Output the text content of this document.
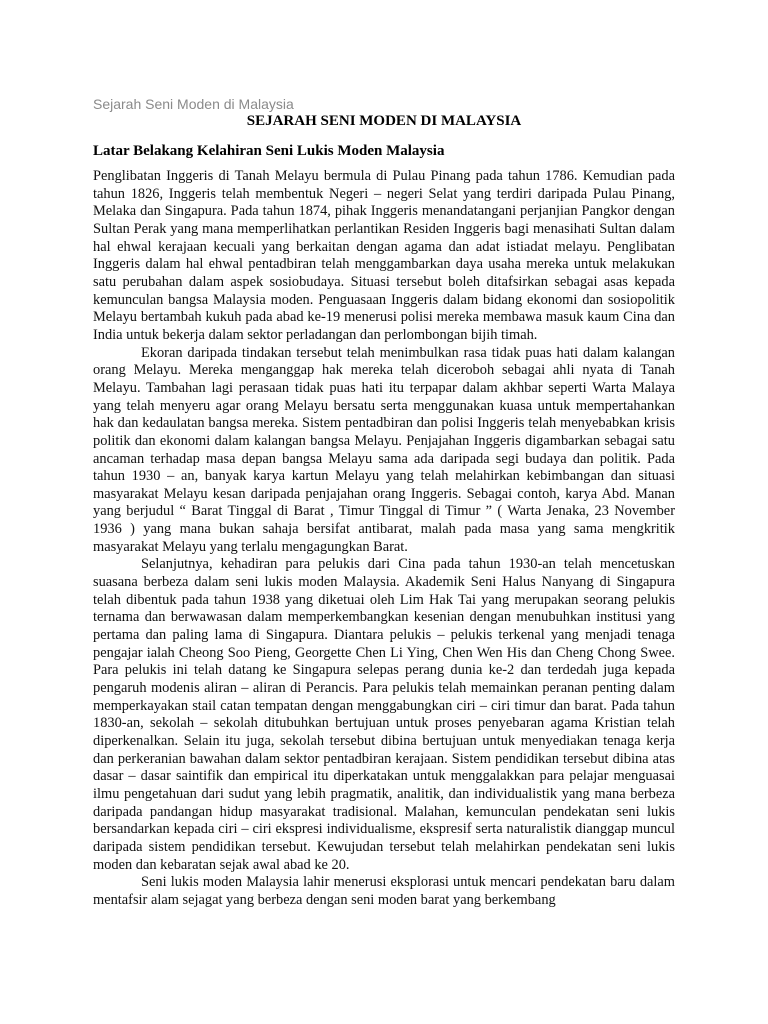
Sejarah Seni Moden di Malaysia
SEJARAH SENI MODEN DI MALAYSIA
Latar Belakang Kelahiran Seni Lukis Moden Malaysia

Penglibatan Inggeris di Tanah Melayu bermula di Pulau Pinang pada tahun 1786. Kemudian pada tahun 1826, Inggeris telah membentuk Negeri – negeri Selat yang terdiri daripada Pulau Pinang, Melaka dan Singapura. Pada tahun 1874, pihak Inggeris menandatangani perjanjian Pangkor dengan Sultan Perak yang mana memperlihatkan perlantikan Residen Inggeris bagi menasihati Sultan dalam hal ehwal kerajaan kecuali yang berkaitan dengan agama dan adat istiadat melayu. Penglibatan Inggeris dalam hal ehwal pentadbiran telah menggambarkan daya usaha mereka untuk melakukan satu perubahan dalam aspek sosiobudaya. Situasi tersebut boleh ditafsirkan sebagai asas kepada kemunculan bangsa Malaysia moden. Penguasaan Inggeris dalam bidang ekonomi dan sosiopolitik Melayu bertambah kukuh pada abad ke-19 menerusi polisi mereka membawa masuk kaum Cina dan India untuk bekerja dalam sektor perladangan dan perlombongan bijih timah.

Ekoran daripada tindakan tersebut telah menimbulkan rasa tidak puas hati dalam kalangan orang Melayu. Mereka menganggap hak mereka telah diceroboh sebagai ahli nyata di Tanah Melayu. Tambahan lagi perasaan tidak puas hati itu terpapar dalam akhbar seperti Warta Malaya yang telah menyeru agar orang Melayu bersatu serta menggunakan kuasa untuk mempertahankan hak dan kedaulatan bangsa mereka. Sistem pentadbiran dan polisi Inggeris telah menyebabkan krisis politik dan ekonomi dalam kalangan bangsa Melayu. Penjajahan Inggeris digambarkan sebagai satu ancaman terhadap masa depan bangsa Melayu sama ada daripada segi budaya dan politik. Pada tahun 1930 – an, banyak karya kartun Melayu yang telah melahirkan kebimbangan dan situasi masyarakat Melayu kesan daripada penjajahan orang Inggeris. Sebagai contoh, karya Abd. Manan yang berjudul “ Barat Tinggal di Barat , Timur Tinggal di Timur ” ( Warta Jenaka, 23 November 1936 ) yang mana bukan sahaja bersifat antibarat, malah pada masa yang sama mengkritik masyarakat Melayu yang terlalu mengagungkan Barat.

Selanjutnya, kehadiran para pelukis dari Cina pada tahun 1930-an telah mencetuskan suasana berbeza dalam seni lukis moden Malaysia. Akademik Seni Halus Nanyang di Singapura telah dibentuk pada tahun 1938 yang diketuai oleh Lim Hak Tai yang merupakan seorang pelukis ternama dan berwawasan dalam memperkembangkan kesenian dengan menubuhkan institusi yang pertama dan paling lama di Singapura. Diantara pelukis – pelukis terkenal yang menjadi tenaga pengajar ialah Cheong Soo Pieng, Georgette Chen Li Ying, Chen Wen His dan Cheng Chong Swee. Para pelukis ini telah datang ke Singapura selepas perang dunia ke-2 dan terdedah juga kepada pengaruh modenis aliran – aliran di Perancis. Para pelukis telah memainkan peranan penting dalam memperkayakan stail catan tempatan dengan menggabungkan ciri – ciri timur dan barat. Pada tahun 1830-an, sekolah – sekolah ditubuhkan bertujuan untuk proses penyebaran agama Kristian telah diperkenalkan. Selain itu juga, sekolah tersebut dibina bertujuan untuk menyediakan tenaga kerja dan perkeranian bawahan dalam sektor pentadbiran kerajaan. Sistem pendidikan tersebut dibina atas dasar – dasar saintifik dan empirical itu diperkatakan untuk menggalakkan para pelajar menguasai ilmu pengetahuan dari sudut yang lebih pragmatik, analitik, dan individualistik yang mana berbeza daripada pandangan hidup masyarakat tradisional. Malahan, kemunculan pendekatan seni lukis bersandarkan kepada ciri – ciri ekspresi individualisme, ekspresif serta naturalistik dianggap muncul daripada sistem pendidikan tersebut. Kewujudan tersebut telah melahirkan pendekatan seni lukis moden dan kebaratan sejak awal abad ke 20.

Seni lukis moden Malaysia lahir menerusi eksplorasi untuk mencari pendekatan baru dalam mentafsir alam sejagat yang berbeza dengan seni moden barat yang berkembang
